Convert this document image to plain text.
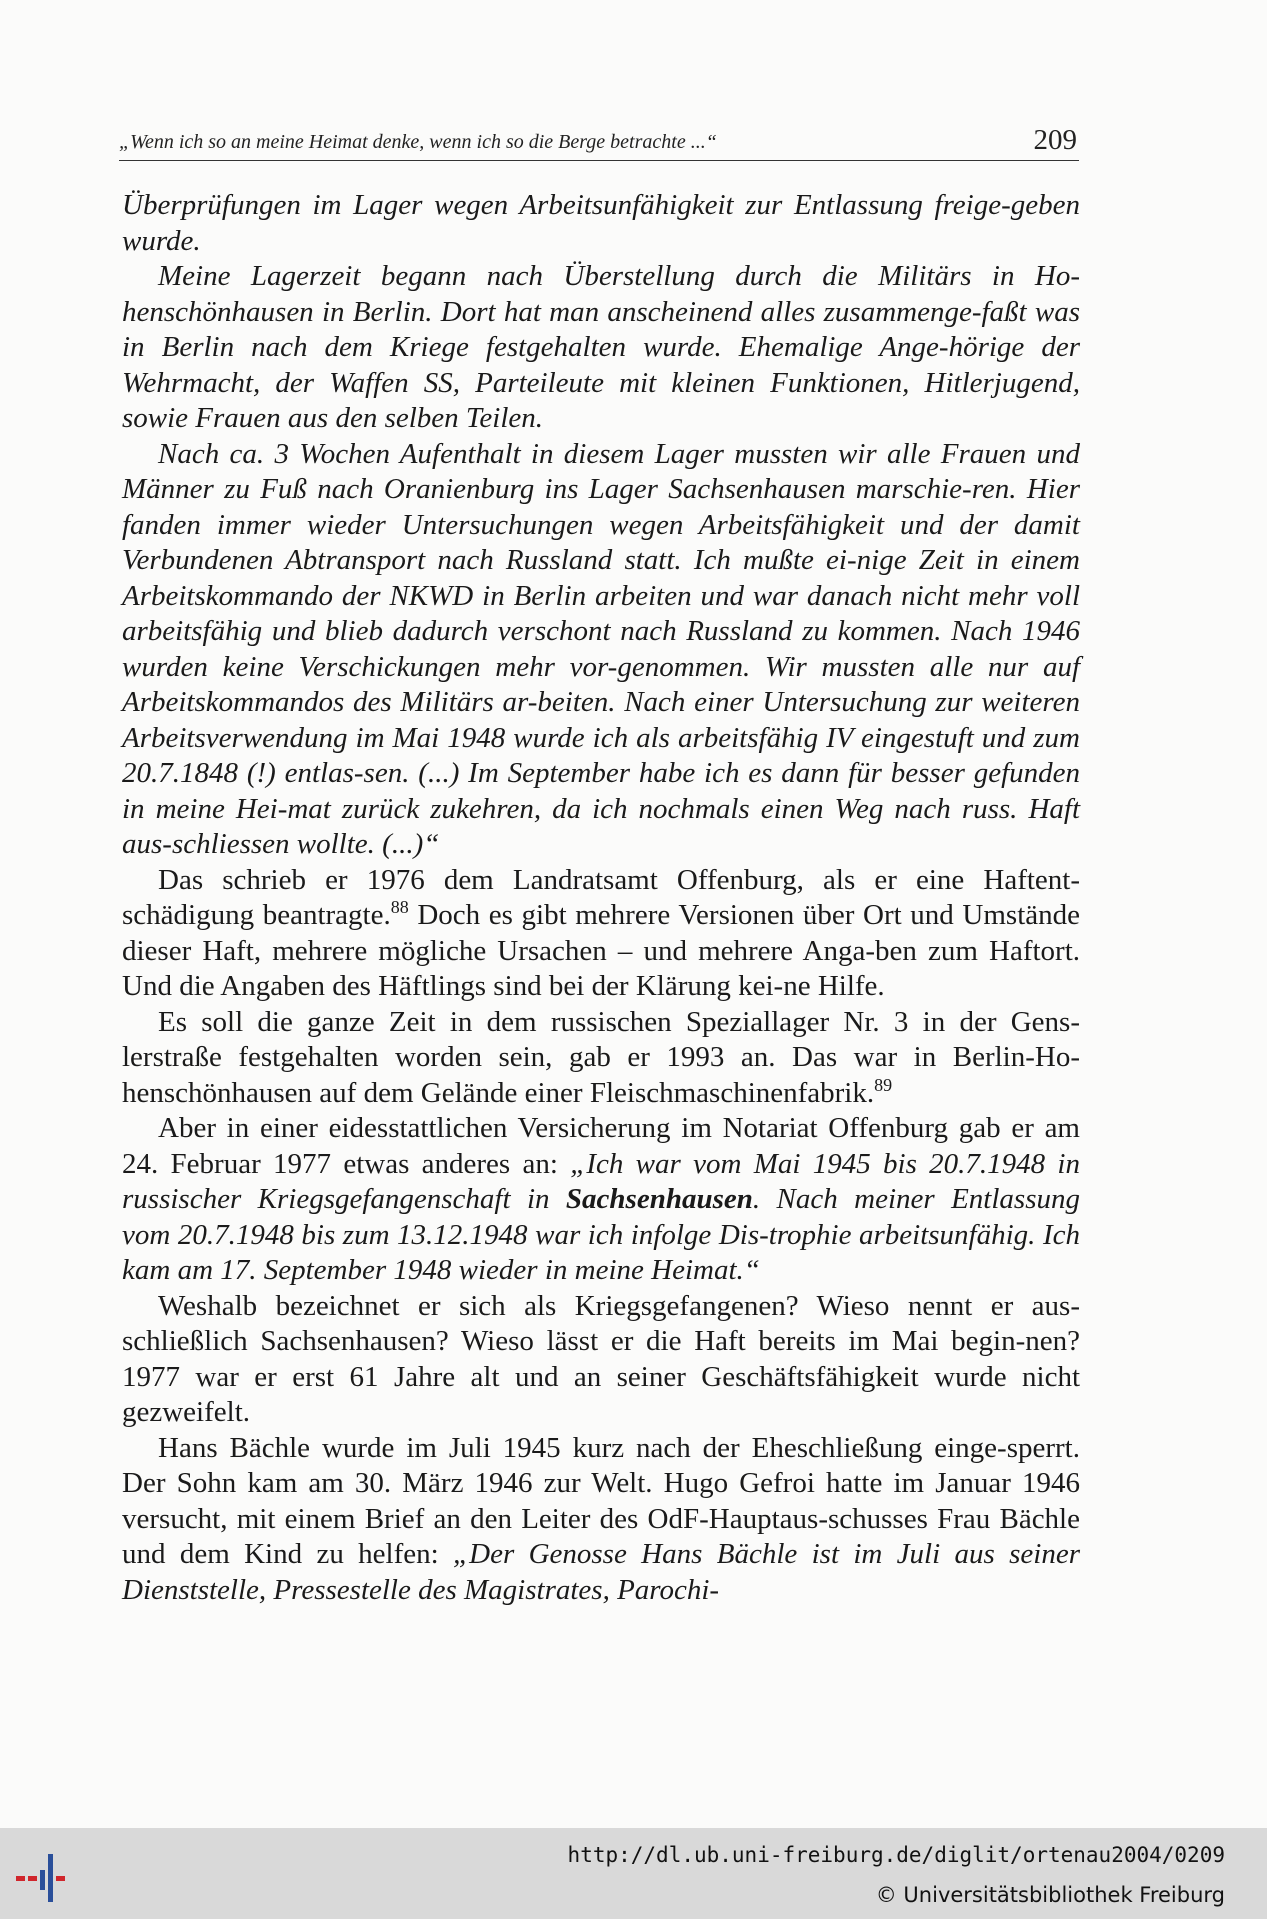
„Wenn ich so an meine Heimat denke, wenn ich so die Berge betrachte ...“	209

Überprüfungen im Lager wegen Arbeitsunfähigkeit zur Entlassung freige-geben wurde.

Meine Lagerzeit begann nach Überstellung durch die Militärs in Ho-henschönhausen in Berlin. Dort hat man anscheinend alles zusammenge-faßt was in Berlin nach dem Kriege festgehalten wurde. Ehemalige Ange-hörige der Wehrmacht, der Waffen SS, Parteileute mit kleinen Funktionen, Hitlerjugend, sowie Frauen aus den selben Teilen.

Nach ca. 3 Wochen Aufenthalt in diesem Lager mussten wir alle Frauen und Männer zu Fuß nach Oranienburg ins Lager Sachsenhausen marschie-ren. Hier fanden immer wieder Untersuchungen wegen Arbeitsfähigkeit und der damit Verbundenen Abtransport nach Russland statt. Ich mußte ei-nige Zeit in einem Arbeitskommando der NKWD in Berlin arbeiten und war danach nicht mehr voll arbeitsfähig und blieb dadurch verschont nach Russland zu kommen. Nach 1946 wurden keine Verschickungen mehr vor-genommen. Wir mussten alle nur auf Arbeitskommandos des Militärs ar-beiten. Nach einer Untersuchung zur weiteren Arbeitsverwendung im Mai 1948 wurde ich als arbeitsfähig IV eingestuft und zum 20.7.1848 (!) entlas-sen. (...) Im September habe ich es dann für besser gefunden in meine Hei-mat zurück zukehren, da ich nochmals einen Weg nach russ. Haft aus-schliessen wollte. (...)“

Das schrieb er 1976 dem Landratsamt Offenburg, als er eine Haftent-schädigung beantragte.$^{88}$ Doch es gibt mehrere Versionen über Ort und Umstände dieser Haft, mehrere mögliche Ursachen – und mehrere Anga-ben zum Haftort. Und die Angaben des Häftlings sind bei der Klärung kei-ne Hilfe.

Es soll die ganze Zeit in dem russischen Speziallager Nr. 3 in der Gens-lerstraße festgehalten worden sein, gab er 1993 an. Das war in Berlin-Ho-henschönhausen auf dem Gelände einer Fleischmaschinenfabrik.$^{89}$

Aber in einer eidesstattlichen Versicherung im Notariat Offenburg gab er am 24. Februar 1977 etwas anderes an: „Ich war vom Mai 1945 bis 20.7.1948 in russischer Kriegsgefangenschaft in Sachsenhausen. Nach meiner Entlassung vom 20.7.1948 bis zum 13.12.1948 war ich infolge Dis-trophie arbeitsunfähig. Ich kam am 17. September 1948 wieder in meine Heimat.“

Weshalb bezeichnet er sich als Kriegsgefangenen? Wieso nennt er aus-schließlich Sachsenhausen? Wieso lässt er die Haft bereits im Mai begin-nen? 1977 war er erst 61 Jahre alt und an seiner Geschäftsfähigkeit wurde nicht gezweifelt.

Hans Bächle wurde im Juli 1945 kurz nach der Eheschließung einge-sperrt. Der Sohn kam am 30. März 1946 zur Welt. Hugo Gefroi hatte im Januar 1946 versucht, mit einem Brief an den Leiter des OdF-Hauptaus-schusses Frau Bächle und dem Kind zu helfen: „Der Genosse Hans Bächle ist im Juli aus seiner Dienststelle, Pressestelle des Magistrates, Parochi-

http://dl.ub.uni-freiburg.de/diglit/ortenau2004/0209
© Universitätsbibliothek Freiburg
